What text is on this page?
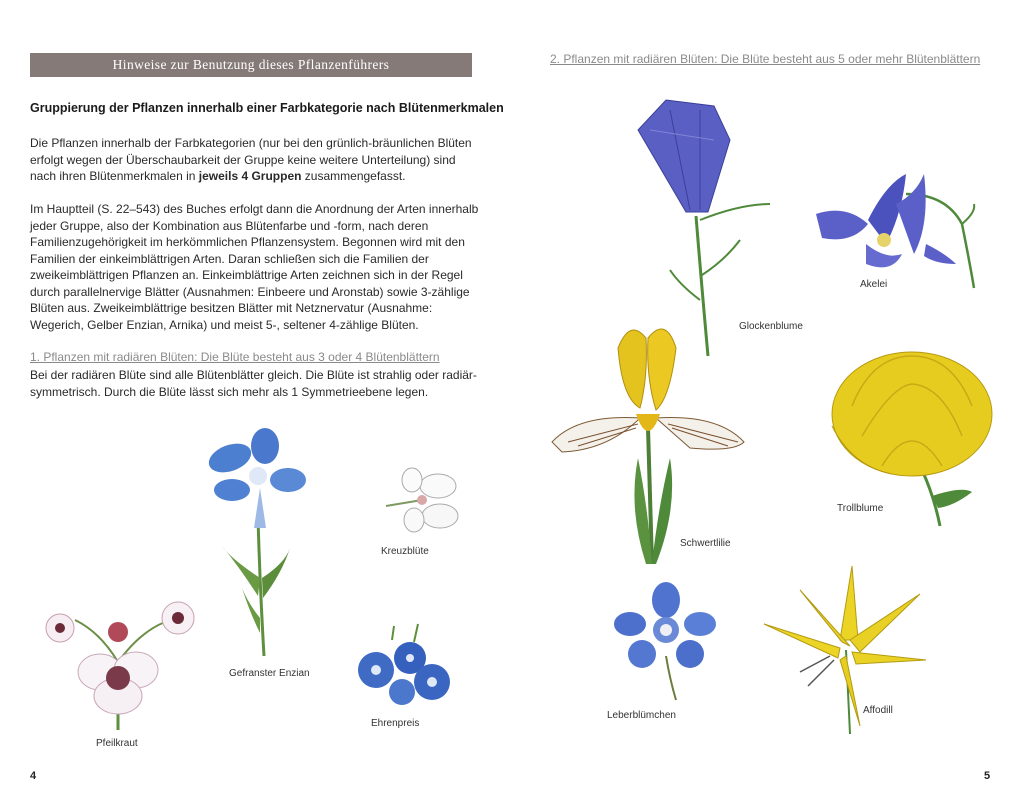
Hinweise zur Benutzung dieses Pflanzenführers
Gruppierung der Pflanzen innerhalb einer Farbkategorie nach Blütenmerkmalen

Die Pflanzen innerhalb der Farbkategorien (nur bei den grünlich-bräunlichen Blüten erfolgt wegen der Überschaubarkeit der Gruppe keine weitere Unterteilung) sind nach ihren Blütenmerkmalen in jeweils 4 Gruppen zusammengefasst.

Im Hauptteil (S. 22–543) des Buches erfolgt dann die Anordnung der Arten innerhalb jeder Gruppe, also der Kombination aus Blütenfarbe und -form, nach deren Familienzugehörigkeit im herkömmlichen Pflanzensystem. Begonnen wird mit den Familien der einkeimblättrigen Arten. Daran schließen sich die Familien der zweikeimblättrigen Pflanzen an. Einkeimblättrige Arten zeichnen sich in der Regel durch parallelnervige Blätter (Ausnahmen: Einbeere und Aronstab) sowie 3-zählige Blüten aus. Zweikeimblättrige besitzen Blätter mit Netznervatur (Ausnahme: Wegerich, Gelber Enzian, Arnika) und meist 5-, seltener 4-zählige Blüten.

1. Pflanzen mit radiären Blüten: Die Blüte besteht aus 3 oder 4 Blütenblättern

Bei der radiären Blüte sind alle Blütenblätter gleich. Die Blüte ist strahlig oder radiär-symmetrisch. Durch die Blüte lässt sich mehr als 1 Symmetrieebene legen.

Gefranster Enzian
Kreuzblüte
Pfeilkraut
Ehrenpreis
4
2. Pflanzen mit radiären Blüten: Die Blüte besteht aus 5 oder mehr Blütenblättern
Glockenblume
Akelei
Schwertlilie
Trollblume
Leberblümchen	Affodill
5
